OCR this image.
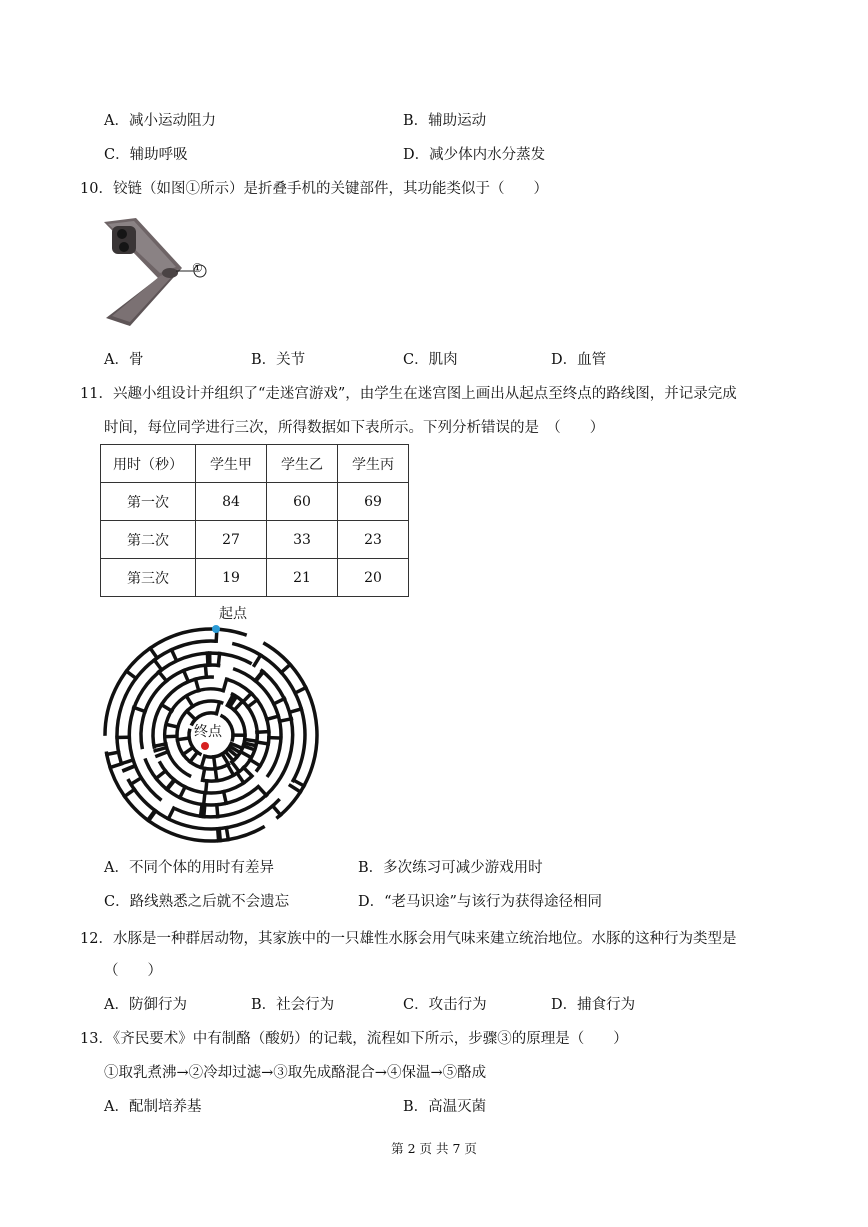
A．减小运动阻力	B．辅助运动
C．辅助呼吸	D．减少体内水分蒸发
10．铰链（如图①所示）是折叠手机的关键部件，其功能类似于（　　）
①
A．骨	B．关节	C．肌肉	D．血管
11．兴趣小组设计并组织了“走迷宫游戏”，由学生在迷宫图上画出从起点至终点的路线图，并记录完成
时间，每位同学进行三次，所得数据如下表所示。下列分析错误的是　（　　）
用时（秒）	学生甲	学生乙	学生丙
第一次	84	60	69
第二次	27	33	23
第三次	19	21	20
起点
终点
A．不同个体的用时有差异	B．多次练习可减少游戏用时
C．路线熟悉之后就不会遗忘	D．“老马识途”与该行为获得途径相同
12．水豚是一种群居动物，其家族中的一只雄性水豚会用气味来建立统治地位。水豚的这种行为类型是
（　　）
A．防御行为	B．社会行为	C．攻击行为	D．捕食行为
13．《齐民要术》中有制酪（酸奶）的记载，流程如下所示，步骤③的原理是（　　）
①取乳煮沸→②冷却过滤→③取先成酪混合→④保温→⑤酪成
A．配制培养基	B．高温灭菌
第 2 页 共 7 页
